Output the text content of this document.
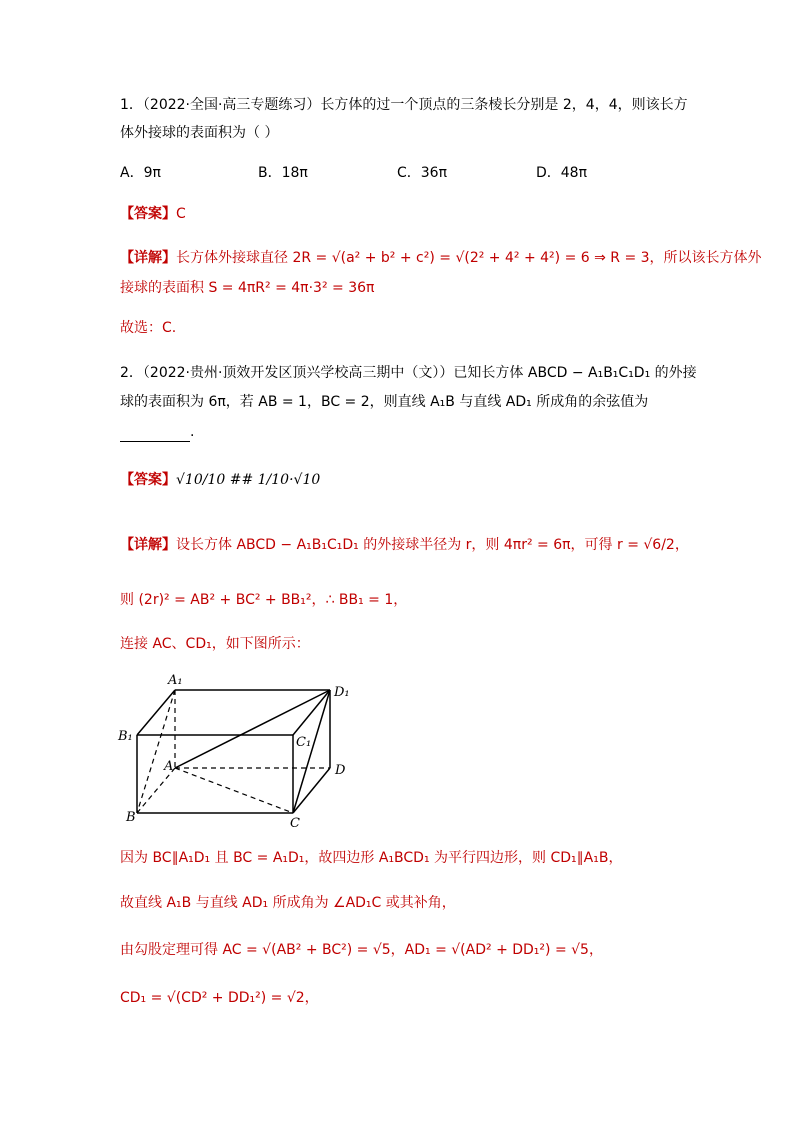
1．（2022·全国·高三专题练习）长方体的过一个顶点的三条棱长分别是 2，4，4，则该长方
体外接球的表面积为（ ）
A．9π	B．18π	C．36π	D．48π
【答案】C
【详解】长方体外接球直径 2R = √(a² + b² + c²) = √(2² + 4² + 4²) = 6 ⇒ R = 3，所以该长方体外
接球的表面积 S = 4πR² = 4π·3² = 36π
故选：C.
2．（2022·贵州·顶效开发区顶兴学校高三期中（文））已知长方体 ABCD − A₁B₁C₁D₁ 的外接
球的表面积为 6π，若 AB = 1，BC = 2，则直线 A₁B 与直线 AD₁ 所成角的余弦值为
.
【答案】√10/10 ## 1/10·√10
【详解】设长方体 ABCD − A₁B₁C₁D₁ 的外接球半径为 r，则 4πr² = 6π，可得 r = √6/2，
则 (2r)² = AB² + BC² + BB₁²，∴ BB₁ = 1，
连接 AC、CD₁，如下图所示：
A₁
D₁
B₁	C₁
A	D
B	C
因为 BC∥A₁D₁ 且 BC = A₁D₁，故四边形 A₁BCD₁ 为平行四边形，则 CD₁∥A₁B，
故直线 A₁B 与直线 AD₁ 所成角为 ∠AD₁C 或其补角，
由勾股定理可得 AC = √(AB² + BC²) = √5，AD₁ = √(AD² + DD₁²) = √5，
CD₁ = √(CD² + DD₁²) = √2，
